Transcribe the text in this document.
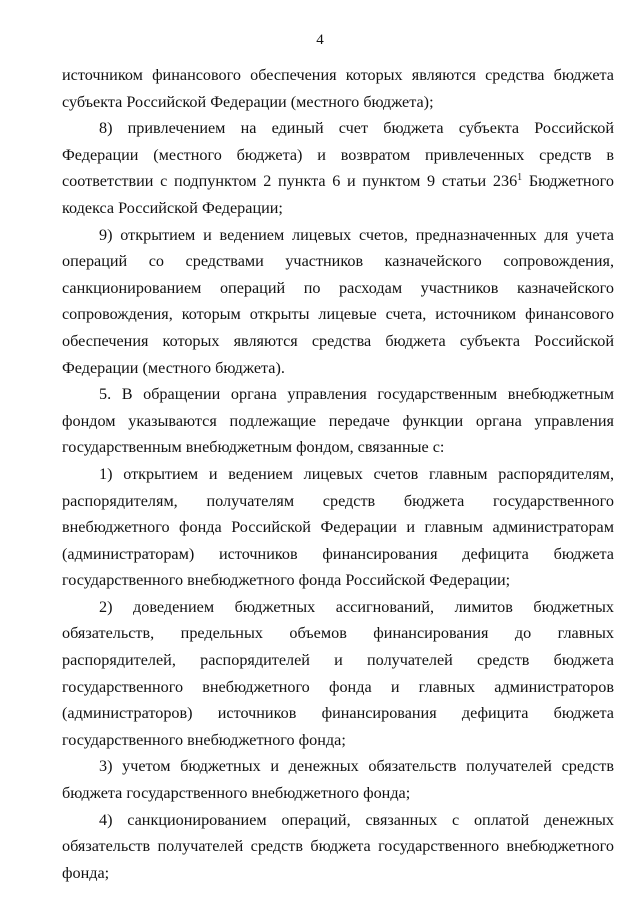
4

источником финансового обеспечения которых являются средства бюджета субъекта Российской Федерации (местного бюджета);

8) привлечением на единый счет бюджета субъекта Российской Федерации (местного бюджета) и возвратом привлеченных средств в соответствии с подпунктом 2 пункта 6 и пунктом 9 статьи $236^1$ Бюджетного кодекса Российской Федерации;

9) открытием и ведением лицевых счетов, предназначенных для учета операций со средствами участников казначейского сопровождения, санкционированием операций по расходам участников казначейского сопровождения, которым открыты лицевые счета, источником финансового обеспечения которых являются средства бюджета субъекта Российской Федерации (местного бюджета).

5. В обращении органа управления государственным внебюджетным фондом указываются подлежащие передаче функции органа управления государственным внебюджетным фондом, связанные с:

1) открытием и ведением лицевых счетов главным распорядителям, распорядителям, получателям средств бюджета государственного внебюджетного фонда Российской Федерации и главным администраторам (администраторам) источников финансирования дефицита бюджета государственного внебюджетного фонда Российской Федерации;

2) доведением бюджетных ассигнований, лимитов бюджетных обязательств, предельных объемов финансирования до главных распорядителей, распорядителей и получателей средств бюджета государственного внебюджетного фонда и главных администраторов (администраторов) источников финансирования дефицита бюджета государственного внебюджетного фонда;

3) учетом бюджетных и денежных обязательств получателей средств бюджета государственного внебюджетного фонда;

4) санкционированием операций, связанных с оплатой денежных обязательств получателей средств бюджета государственного внебюджетного фонда;
